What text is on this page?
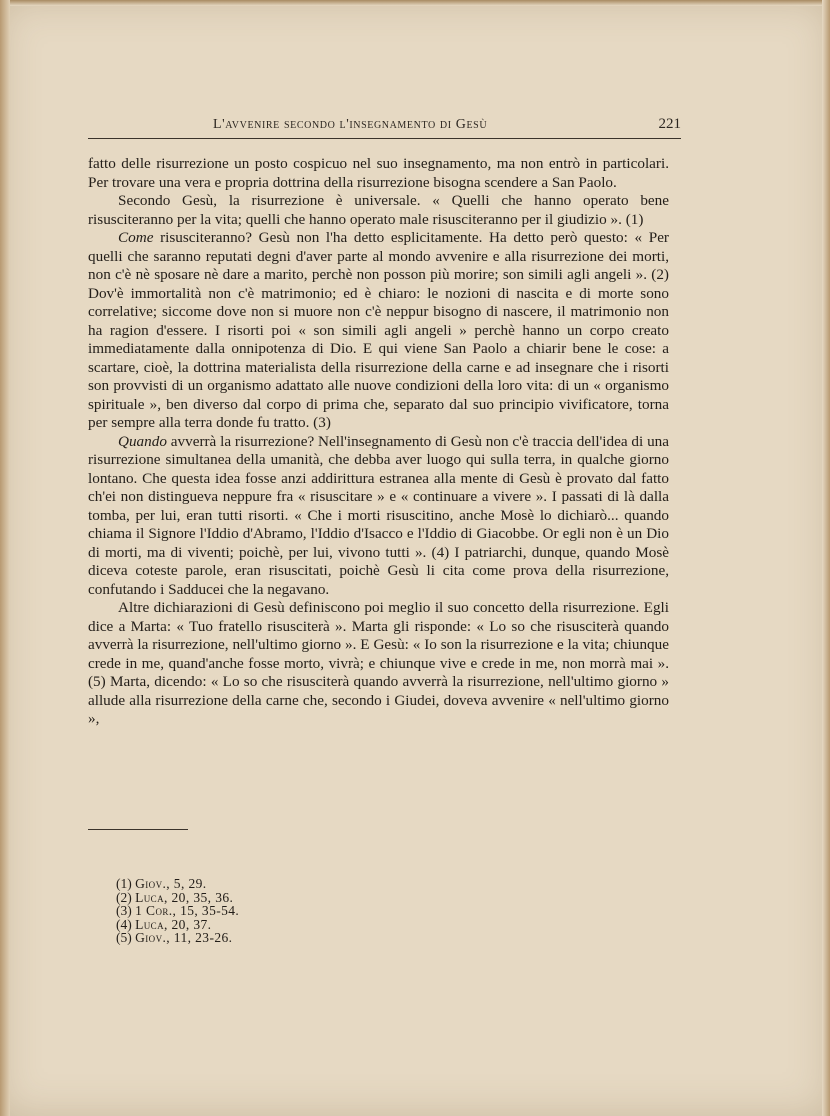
L'avvenire secondo l'insegnamento di Gesù	221

fatto delle risurrezione un posto cospicuo nel suo insegnamento, ma non entrò in particolari. Per trovare una vera e propria dottrina della risurrezione bisogna scendere a San Paolo.

Secondo Gesù, la risurrezione è universale. « Quelli che hanno operato bene risusciteranno per la vita; quelli che hanno operato male risusciteranno per il giudizio ». (1)

Come risusciteranno? Gesù non l'ha detto esplicitamente. Ha detto però questo: « Per quelli che saranno reputati degni d'aver parte al mondo avvenire e alla risurrezione dei morti, non c'è nè sposare nè dare a marito, perchè non posson più morire; son simili agli angeli ». (2) Dov'è immortalità non c'è matrimonio; ed è chiaro: le nozioni di nascita e di morte sono correlative; siccome dove non si muore non c'è neppur bisogno di nascere, il matrimonio non ha ragion d'essere. I risorti poi « son simili agli angeli » perchè hanno un corpo creato immediatamente dalla onnipotenza di Dio. E qui viene San Paolo a chiarir bene le cose: a scartare, cioè, la dottrina materialista della risurrezione della carne e ad insegnare che i risorti son provvisti di un organismo adattato alle nuove condizioni della loro vita: di un « organismo spirituale », ben diverso dal corpo di prima che, separato dal suo principio vivificatore, torna per sempre alla terra donde fu tratto. (3)

Quando avverrà la risurrezione? Nell'insegnamento di Gesù non c'è traccia dell'idea di una risurrezione simultanea della umanità, che debba aver luogo qui sulla terra, in qualche giorno lontano. Che questa idea fosse anzi addirittura estranea alla mente di Gesù è provato dal fatto ch'ei non distingueva neppure fra « risuscitare » e « continuare a vivere ». I passati di là dalla tomba, per lui, eran tutti risorti. « Che i morti risuscitino, anche Mosè lo dichiarò... quando chiama il Signore l'Iddio d'Abramo, l'Iddio d'Isacco e l'Iddio di Giacobbe. Or egli non è un Dio di morti, ma di viventi; poichè, per lui, vivono tutti ». (4) I patriarchi, dunque, quando Mosè diceva coteste parole, eran risuscitati, poichè Gesù li cita come prova della risurrezione, confutando i Sadducei che la negavano.

Altre dichiarazioni di Gesù definiscono poi meglio il suo concetto della risurrezione. Egli dice a Marta: « Tuo fratello risusciterà ». Marta gli risponde: « Lo so che risusciterà quando avverrà la risurrezione, nell'ultimo giorno ». E Gesù: « Io son la risurrezione e la vita; chiunque crede in me, quand'anche fosse morto, vivrà; e chiunque vive e crede in me, non morrà mai ». (5) Marta, dicendo: « Lo so che risusciterà quando avverrà la risurrezione, nell'ultimo giorno » allude alla risurrezione della carne che, secondo i Giudei, doveva avvenire « nell'ultimo giorno »,

(1) Giov., 5, 29.
(2) Luca, 20, 35, 36.
(3) 1 Cor., 15, 35-54.
(4) Luca, 20, 37.
(5) Giov., 11, 23-26.
